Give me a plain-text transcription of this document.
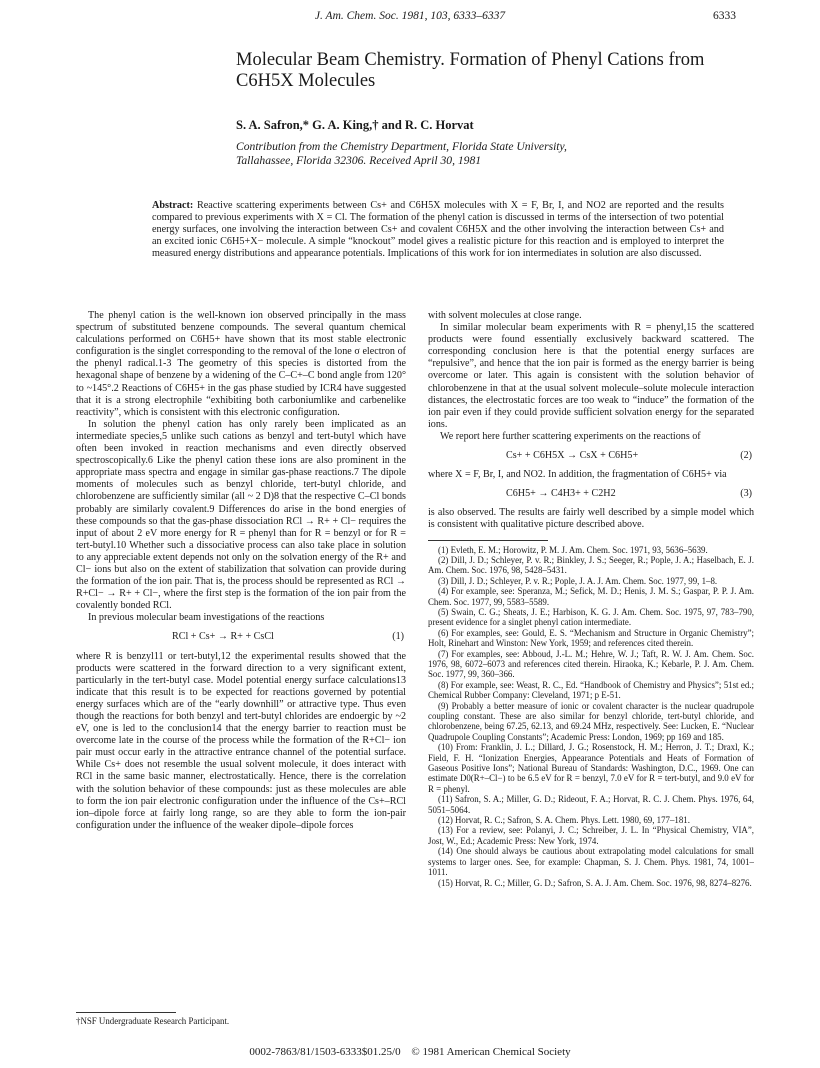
J. Am. Chem. Soc. 1981, 103, 6333–6337	6333
Molecular Beam Chemistry. Formation of Phenyl Cations from C6H5X Molecules
S. A. Safron,* G. A. King,† and R. C. Horvat
Contribution from the Chemistry Department, Florida State University,
Tallahassee, Florida 32306. Received April 30, 1981
Abstract: Reactive scattering experiments between Cs+ and C6H5X molecules with X = F, Br, I, and NO2 are reported and the results compared to previous experiments with X = Cl. The formation of the phenyl cation is discussed in terms of the intersection of two potential energy surfaces, one involving the interaction between Cs+ and covalent C6H5X and the other involving the interaction between Cs+ and an excited ionic C6H5+X− molecule. A simple “knockout” model gives a realistic picture for this reaction and is employed to interpret the measured energy distributions and appearance potentials. Implications of this work for ion intermediates in solution are also discussed.

The phenyl cation is the well-known ion observed principally in the mass spectrum of substituted benzene compounds. The several quantum chemical calculations performed on C6H5+ have shown that its most stable electronic configuration is the singlet corresponding to the removal of the lone σ electron of the phenyl radical.1-3 The geometry of this species is distorted from the hexagonal shape of benzene by a widening of the C–C+–C bond angle from 120° to ~145°.2 Reactions of C6H5+ in the gas phase studied by ICR4 have suggested that it is a strong electrophile “exhibiting both carboniumlike and carbenelike reactivity”, which is consistent with this electronic configuration.

In solution the phenyl cation has only rarely been implicated as an intermediate species,5 unlike such cations as benzyl and tert-butyl which have often been invoked in reaction mechanisms and even directly observed spectroscopically.6 Like the phenyl cation these ions are also prominent in the appropriate mass spectra and engage in similar gas-phase reactions.7 The dipole moments of molecules such as benzyl chloride, tert-butyl chloride, and chlorobenzene are sufficiently similar (all ~ 2 D)8 that the respective C–Cl bonds probably are similarly covalent.9 Differences do arise in the bond energies of these compounds so that the gas-phase dissociation RCl → R+ + Cl− requires the input of about 2 eV more energy for R = phenyl than for R = benzyl or for R = tert-butyl.10 Whether such a dissociative process can also take place in solution to any appreciable extent depends not only on the solvation energy of the R+ and Cl− ions but also on the extent of stabilization that solvation can provide during the formation of the ion pair. That is, the process should be represented as RCl → R+Cl− → R+ + Cl−, where the first step is the formation of the ion pair from the covalently bonded RCl.

In previous molecular beam investigations of the reactions

RCl + Cs+ → R+ + CsCl	(1)

where R is benzyl11 or tert-butyl,12 the experimental results showed that the products were scattered in the forward direction to a very significant extent, particularly in the tert-butyl case. Model potential energy surface calculations13 indicate that this result is to be expected for reactions governed by potential energy surfaces which are of the “early downhill” or attractive type. Thus even though the reactions for both benzyl and tert-butyl chlorides are endoergic by ~2 eV, one is led to the conclusion14 that the energy barrier to reaction must be overcome late in the course of the process while the formation of the R+Cl− ion pair must occur early in the attractive entrance channel of the potential surface. While Cs+ does not resemble the usual solvent molecule, it does interact with RCl in the same basic manner, electrostatically. Hence, there is the correlation with the solution behavior of these compounds: just as these molecules are able to form the ion pair electronic configuration under the influence of the Cs+–RCl ion–dipole force at fairly long range, so are they able to form the ion-pair configuration under the influence of the weaker dipole–dipole forces

with solvent molecules at close range.

In similar molecular beam experiments with R = phenyl,15 the scattered products were found essentially exclusively backward scattered. The corresponding conclusion here is that the potential energy surfaces are “repulsive”, and hence that the ion pair is formed as the energy barrier is being overcome or later. This again is consistent with the solution behavior of chlorobenzene in that at the usual solvent molecule–solute molecule interaction distances, the electrostatic forces are too weak to “induce” the formation of the ion pair even if they could provide sufficient solvation energy for the separated ions.

We report here further scattering experiments on the reactions of

Cs+ + C6H5X → CsX + C6H5+	(2)

where X = F, Br, I, and NO2. In addition, the fragmentation of C6H5+ via

C6H5+ → C4H3+ + C2H2	(3)

is also observed. The results are fairly well described by a simple model which is consistent with qualitative picture described above.

(1) Evleth, E. M.; Horowitz, P. M. J. Am. Chem. Soc. 1971, 93, 5636–5639.
(2) Dill, J. D.; Schleyer, P. v. R.; Binkley, J. S.; Seeger, R.; Pople, J. A.; Haselbach, E. J. Am. Chem. Soc. 1976, 98, 5428–5431.
(3) Dill, J. D.; Schleyer, P. v. R.; Pople, J. A. J. Am. Chem. Soc. 1977, 99, 1–8.
(4) For example, see: Speranza, M.; Sefick, M. D.; Henis, J. M. S.; Gaspar, P. P. J. Am. Chem. Soc. 1977, 99, 5583–5589.
(5) Swain, C. G.; Sheats, J. E.; Harbison, K. G. J. Am. Chem. Soc. 1975, 97, 783–790, present evidence for a singlet phenyl cation intermediate.
(6) For examples, see: Gould, E. S. “Mechanism and Structure in Organic Chemistry”; Holt, Rinehart and Winston: New York, 1959; and references cited therein.
(7) For examples, see: Abboud, J.-L. M.; Hehre, W. J.; Taft, R. W. J. Am. Chem. Soc. 1976, 98, 6072–6073 and references cited therein. Hiraoka, K.; Kebarle, P. J. Am. Chem. Soc. 1977, 99, 360–366.
(8) For example, see: Weast, R. C., Ed. “Handbook of Chemistry and Physics”; 51st ed.; Chemical Rubber Company: Cleveland, 1971; p E-51.
(9) Probably a better measure of ionic or covalent character is the nuclear quadrupole coupling constant. These are also similar for benzyl chloride, tert-butyl chloride, and chlorobenzene, being 67.25, 62.13, and 69.24 MHz, respectively. See: Lucken, E. “Nuclear Quadrupole Coupling Constants”; Academic Press: London, 1969; pp 169 and 185.
(10) From: Franklin, J. L.; Dillard, J. G.; Rosenstock, H. M.; Herron, J. T.; Draxl, K.; Field, F. H. “Ionization Energies, Appearance Potentials and Heats of Formation of Gaseous Positive Ions”; National Bureau of Standards: Washington, D.C., 1969. One can estimate D0(R+–Cl−) to be 6.5 eV for R = benzyl, 7.0 eV for R = tert-butyl, and 9.0 eV for R = phenyl.
(11) Safron, S. A.; Miller, G. D.; Rideout, F. A.; Horvat, R. C. J. Chem. Phys. 1976, 64, 5051–5064.
(12) Horvat, R. C.; Safron, S. A. Chem. Phys. Lett. 1980, 69, 177–181.
(13) For a review, see: Polanyi, J. C.; Schreiber, J. L. In “Physical Chemistry, VIA”, Jost, W., Ed.; Academic Press: New York, 1974.
(14) One should always be cautious about extrapolating model calculations for small systems to larger ones. See, for example: Chapman, S. J. Chem. Phys. 1981, 74, 1001–1011.
(15) Horvat, R. C.; Miller, G. D.; Safron, S. A. J. Am. Chem. Soc. 1976, 98, 8274–8276.
†NSF Undergraduate Research Participant.
0002-7863/81/1503-6333$01.25/0 © 1981 American Chemical Society
